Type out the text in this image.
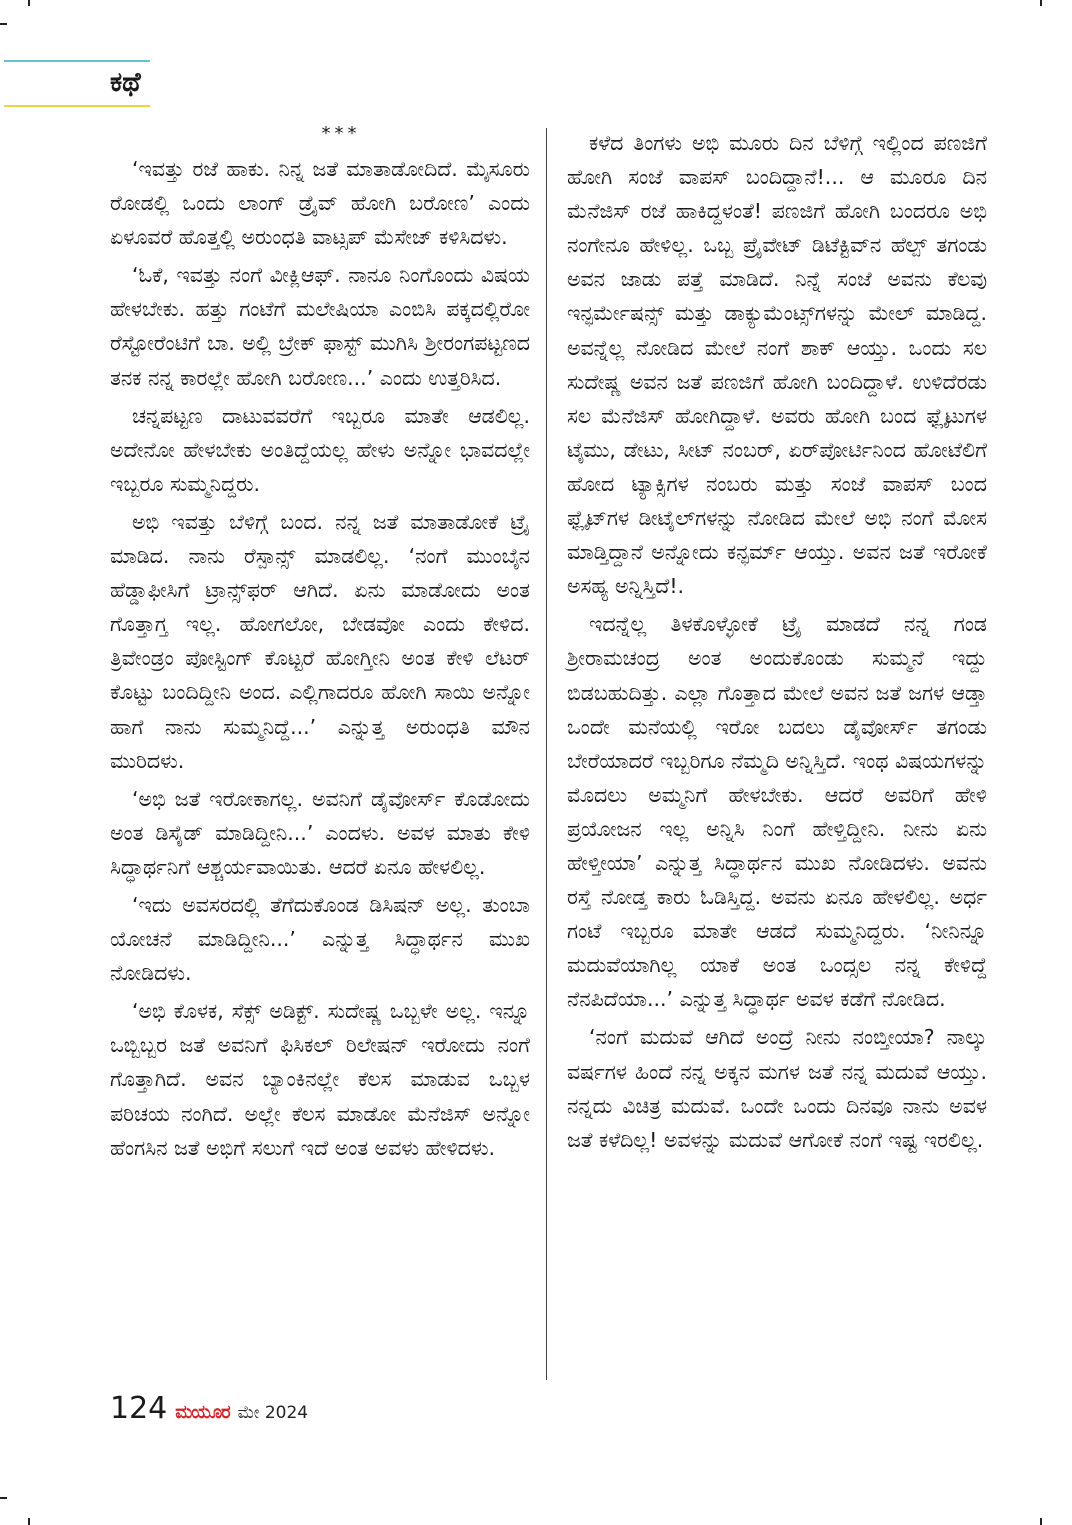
ಕಥೆ

***

‘ಇವತ್ತು ರಜೆ ಹಾಕು. ನಿನ್ನ ಜತೆ ಮಾತಾಡೋದಿದೆ. ಮೈಸೂರು ರೋಡಲ್ಲಿ ಒಂದು ಲಾಂಗ್ ಡ್ರೈವ್ ಹೋಗಿ ಬರೋಣ’ ಎಂದು ಏಳೂವರೆ ಹೊತ್ತಲ್ಲಿ ಅರುಂಧತಿ ವಾಟ್ಸಪ್ ಮೆಸೇಜ್ ಕಳಿಸಿದಳು.

‘ಓಕೆ, ಇವತ್ತು ನಂಗೆ ವೀಕ್ಲಿಆಫ್. ನಾನೂ ನಿಂಗೊಂದು ವಿಷಯ ಹೇಳಬೇಕು. ಹತ್ತು ಗಂಟೆಗೆ ಮಲೇಷಿಯಾ ಎಂಬಿಸಿ ಪಕ್ಕದಲ್ಲಿರೋ ರೆಸ್ಟೋರೆಂಟಿಗೆ ಬಾ. ಅಲ್ಲಿ ಬ್ರೇಕ್ ಫಾಸ್ಟ್ ಮುಗಿಸಿ ಶ್ರೀರಂಗಪಟ್ಟಣದ ತನಕ ನನ್ನ ಕಾರಲ್ಲೇ ಹೋಗಿ ಬರೋಣ...’ ಎಂದು ಉತ್ತರಿಸಿದ.

ಚನ್ನಪಟ್ಟಣ ದಾಟುವವರೆಗೆ ಇಬ್ಬರೂ ಮಾತೇ ಆಡಲಿಲ್ಲ. ಅದೇನೋ ಹೇಳಬೇಕು ಅಂತಿದ್ದೆಯಲ್ಲ ಹೇಳು ಅನ್ನೋ ಭಾವದಲ್ಲೇ ಇಬ್ಬರೂ ಸುಮ್ಮನಿದ್ದರು.

ಅಭಿ ಇವತ್ತು ಬೆಳಿಗ್ಗೆ ಬಂದ. ನನ್ನ ಜತೆ ಮಾತಾಡೋಕೆ ಟ್ರೈ ಮಾಡಿದ. ನಾನು ರೆಸ್ಪಾನ್ಸ್ ಮಾಡಲಿಲ್ಲ. ‘ನಂಗೆ ಮುಂಬೈನ ಹೆಡ್ಡಾಫೀಸಿಗೆ ಟ್ರಾನ್ಸ್‌ಫರ್ ಆಗಿದೆ. ಏನು ಮಾಡೋದು ಅಂತ ಗೊತ್ತಾಗ್ತ ಇಲ್ಲ. ಹೋಗಲೋ, ಬೇಡವೋ ಎಂದು ಕೇಳಿದ. ತ್ರಿವೇಂಡ್ರಂ ಪೋಸ್ಟಿಂಗ್ ಕೊಟ್ಟರೆ ಹೋಗ್ತೀನಿ ಅಂತ ಕೇಳಿ ಲೆಟರ್ ಕೊಟ್ಟು ಬಂದಿದ್ದೀನಿ ಅಂದ. ಎಲ್ಲಿಗಾದರೂ ಹೋಗಿ ಸಾಯಿ ಅನ್ನೋ ಹಾಗೆ ನಾನು ಸುಮ್ಮನಿದ್ದೆ...’ ಎನ್ನುತ್ತ ಅರುಂಧತಿ ಮೌನ ಮುರಿದಳು.

‘ಅಭಿ ಜತೆ ಇರೋಕಾಗಲ್ಲ. ಅವನಿಗೆ ಡೈವೋರ್ಸ್ ಕೊಡೋದು ಅಂತ ಡಿಸೈಡ್ ಮಾಡಿದ್ದೀನಿ...’ ಎಂದಳು. ಅವಳ ಮಾತು ಕೇಳಿ ಸಿದ್ಧಾರ್ಥನಿಗೆ ಆಶ್ಚರ್ಯವಾಯಿತು. ಆದರೆ ಏನೂ ಹೇಳಲಿಲ್ಲ.

‘ಇದು ಅವಸರದಲ್ಲಿ ತೆಗೆದುಕೊಂಡ ಡಿಸಿಷನ್ ಅಲ್ಲ. ತುಂಬಾ ಯೋಚನೆ ಮಾಡಿದ್ದೀನಿ...’ ಎನ್ನುತ್ತ ಸಿದ್ಧಾರ್ಥನ ಮುಖ ನೋಡಿದಳು.

‘ಅಭಿ ಕೊಳಕ, ಸೆಕ್ಸ್ ಅಡಿಕ್ಟ್. ಸುದೇಷ್ಣ ಒಬ್ಬಳೇ ಅಲ್ಲ. ಇನ್ನೂ ಒಬ್ಬಿಬ್ಬರ ಜತೆ ಅವನಿಗೆ ಫಿಸಿಕಲ್ ರಿಲೇಷನ್ ಇರೋದು ನಂಗೆ ಗೊತ್ತಾಗಿದೆ. ಅವನ ಬ್ಯಾಂಕಿನಲ್ಲೇ ಕೆಲಸ ಮಾಡುವ ಒಬ್ಬಳ ಪರಿಚಯ ನಂಗಿದೆ. ಅಲ್ಲೇ ಕೆಲಸ ಮಾಡೋ ಮೆನೆಜಿಸ್ ಅನ್ನೋ ಹೆಂಗಸಿನ ಜತೆ ಅಭಿಗೆ ಸಲುಗೆ ಇದೆ ಅಂತ ಅವಳು ಹೇಳಿದಳು.

ಕಳೆದ ತಿಂಗಳು ಅಭಿ ಮೂರು ದಿನ ಬೆಳಿಗ್ಗೆ ಇಲ್ಲಿಂದ ಪಣಜಿಗೆ ಹೋಗಿ ಸಂಜೆ ವಾಪಸ್ ಬಂದಿದ್ದಾನೆ!... ಆ ಮೂರೂ ದಿನ ಮೆನೆಜಿಸ್ ರಜೆ ಹಾಕಿದ್ದಳಂತೆ! ಪಣಜಿಗೆ ಹೋಗಿ ಬಂದರೂ ಅಭಿ ನಂಗೇನೂ ಹೇಳಿಲ್ಲ. ಒಬ್ಬ ಪ್ರೈವೇಟ್ ಡಿಟೆಕ್ಟಿವ್‌ನ ಹೆಲ್ಪ್ ತಗಂಡು ಅವನ ಜಾಡು ಪತ್ತೆ ಮಾಡಿದೆ. ನಿನ್ನೆ ಸಂಜೆ ಅವನು ಕೆಲವು ಇನ್ಫರ್ಮೇಷನ್ಸ್ ಮತ್ತು ಡಾಕ್ಯುಮೆಂಟ್ಸ್‌ಗಳನ್ನು ಮೇಲ್ ಮಾಡಿದ್ದ. ಅವನ್ನೆಲ್ಲ ನೋಡಿದ ಮೇಲೆ ನಂಗೆ ಶಾಕ್ ಆಯ್ತು. ಒಂದು ಸಲ ಸುದೇಷ್ಣ ಅವನ ಜತೆ ಪಣಜಿಗೆ ಹೋಗಿ ಬಂದಿದ್ದಾಳೆ. ಉಳಿದೆರಡು ಸಲ ಮೆನೆಜಿಸ್ ಹೋಗಿದ್ದಾಳೆ. ಅವರು ಹೋಗಿ ಬಂದ ಫ್ಲೈಟುಗಳ ಟೈಮು, ಡೇಟು, ಸೀಟ್ ನಂಬರ್, ಏರ್‌ಪೋರ್ಟಿನಿಂದ ಹೋಟೆಲಿಗೆ ಹೋದ ಟ್ಯಾಕ್ಸಿಗಳ ನಂಬರು ಮತ್ತು ಸಂಜೆ ವಾಪಸ್ ಬಂದ ಫ್ಲೈಟ್‌ಗಳ ಡೀಟೈಲ್‌ಗಳನ್ನು ನೋಡಿದ ಮೇಲೆ ಅಭಿ ನಂಗೆ ಮೋಸ ಮಾಡ್ತಿದ್ದಾನೆ ಅನ್ನೋದು ಕನ್ಫರ್ಮ್ ಆಯ್ತು. ಅವನ ಜತೆ ಇರೋಕೆ ಅಸಹ್ಯ ಅನ್ನಿಸ್ತಿದೆ!.

ಇದನ್ನೆಲ್ಲ ತಿಳಕೊಳ್ಳೋಕೆ ಟ್ರೈ ಮಾಡದೆ ನನ್ನ ಗಂಡ ಶ್ರೀರಾಮಚಂದ್ರ ಅಂತ ಅಂದುಕೊಂಡು ಸುಮ್ಮನೆ ಇದ್ದು ಬಿಡಬಹುದಿತ್ತು. ಎಲ್ಲಾ ಗೊತ್ತಾದ ಮೇಲೆ ಅವನ ಜತೆ ಜಗಳ ಆಡ್ತಾ ಒಂದೇ ಮನೆಯಲ್ಲಿ ಇರೋ ಬದಲು ಡೈವೋರ್ಸ್ ತಗಂಡು ಬೇರೆಯಾದರೆ ಇಬ್ಬರಿಗೂ ನೆಮ್ಮದಿ ಅನ್ನಿಸ್ತಿದೆ. ಇಂಥ ವಿಷಯಗಳನ್ನು ಮೊದಲು ಅಮ್ಮನಿಗೆ ಹೇಳಬೇಕು. ಆದರೆ ಅವರಿಗೆ ಹೇಳಿ ಪ್ರಯೋಜನ ಇಲ್ಲ ಅನ್ನಿಸಿ ನಿಂಗೆ ಹೇಳ್ತಿದ್ದೀನಿ. ನೀನು ಏನು ಹೇಳ್ತೀಯಾ’ ಎನ್ನುತ್ತ ಸಿದ್ಧಾರ್ಥನ ಮುಖ ನೋಡಿದಳು. ಅವನು ರಸ್ತೆ ನೋಡ್ತ ಕಾರು ಓಡಿಸ್ತಿದ್ದ. ಅವನು ಏನೂ ಹೇಳಲಿಲ್ಲ. ಅರ್ಧ ಗಂಟೆ ಇಬ್ಬರೂ ಮಾತೇ ಆಡದೆ ಸುಮ್ಮನಿದ್ದರು. ‘ನೀನಿನ್ನೂ ಮದುವೆಯಾಗಿಲ್ಲ ಯಾಕೆ ಅಂತ ಒಂದ್ಸಲ ನನ್ನ ಕೇಳಿದ್ದೆ ನೆನಪಿದೆಯಾ...’ ಎನ್ನುತ್ತ ಸಿದ್ಧಾರ್ಥ ಅವಳ ಕಡೆಗೆ ನೋಡಿದ.

‘ನಂಗೆ ಮದುವೆ ಆಗಿದೆ ಅಂದ್ರೆ ನೀನು ನಂಬ್ತೀಯಾ? ನಾಲ್ಕು ವರ್ಷಗಳ ಹಿಂದೆ ನನ್ನ ಅಕ್ಕನ ಮಗಳ ಜತೆ ನನ್ನ ಮದುವೆ ಆಯ್ತು. ನನ್ನದು ವಿಚಿತ್ರ ಮದುವೆ. ಒಂದೇ ಒಂದು ದಿನವೂ ನಾನು ಅವಳ ಜತೆ ಕಳೆದಿಲ್ಲ! ಅವಳನ್ನು ಮದುವೆ ಆಗೋಕೆ ನಂಗೆ ಇಷ್ಟ ಇರಲಿಲ್ಲ.

124 ಮಯೂರ ಮೇ 2024
